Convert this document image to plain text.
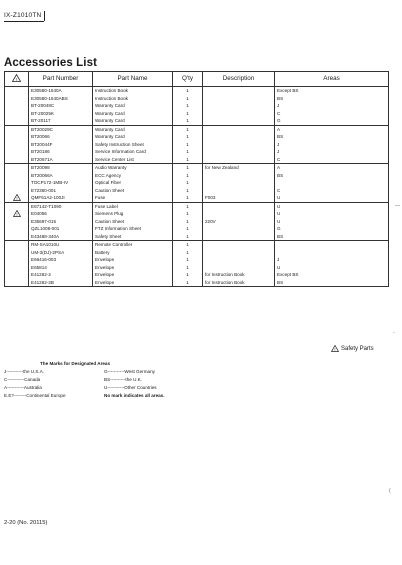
IX-Z1010TN
Accessories List
!	Part Number	Part Name	Q'ty	Description	Areas
	E30580-1540A	Instruction Book	1		Except BS
	E30580-1540ABS	Instruction Book	1		BS
	BT-20048C	Warranty Card	1		J
	BT-20025K	Warranty Card	1		C
	BT-20117	Warranty Card	1		G
	BT20029C	Warranty Card	1		A
	BT20066	Warranty Card	1		BS
	BT20044F	Safety Instruction Sheet	1		J
	BT20186	Service Information Card	1		J
	BT20671A	Service Center List	1		C
	BT20098	Audio Warranty	1	for New Zealand	A
	BT20066A	ECC Agency	1		BS
	TOCP172-1MB-IV	Optical Fiber	1		
	E72360-001	Caution Sheet	1		C

!	QMF51A2-100JI	Fuse	1	F003	U
	E67142-T1090	Fuse Label	1		U

!	E04056	Siemens Plug	1		U
	E35697-015	Caution Sheet	1	220V	U
	QZL1008-001	FTZ Information Sheet	1		G
	E43488-340A	Safety Sheet	1		BS
	RM-SA1010U	Remote Controller	1		
	UM-3(DJ)-2PSA	Battery	1		
	E66416-003	Envelope	1		J
	E65814	Envelope	1		U
	E41262-2	Envelope	1	for Instruction Book	Except BS
	E41262-2B	Envelope	1	for Instruction Book	BS
! Safety Parts
The Marks for Designated Areas
J-----------the U.S.A.
C-----------Canada
A-----------Australia
E.E?--------Continental Europe
G-----------West Germany
BS----------the U.K.
U-----------Other Countries
No mark indicates all areas.
2-20 (No. 20115)
—
-
(
